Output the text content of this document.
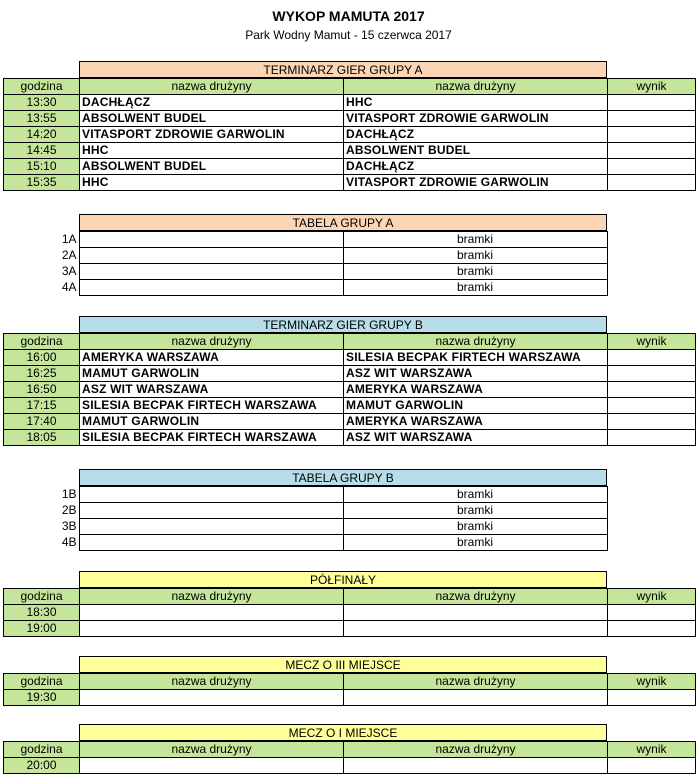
WYKOP MAMUTA 2017
Park Wodny Mamut - 15 czerwca 2017
TERMINARZ GIER GRUPY A
godzina	nazwa drużyny	nazwa drużyny	wynik
13:30	DACHŁĄCZ	HHC	
13:55	ABSOLWENT BUDEL	VITASPORT ZDROWIE GARWOLIN	
14:20	VITASPORT ZDROWIE GARWOLIN	DACHŁĄCZ	
14:45	HHC	ABSOLWENT BUDEL	
15:10	ABSOLWENT BUDEL	DACHŁĄCZ	
15:35	HHC	VITASPORT ZDROWIE GARWOLIN	
TABELA GRUPY A
1A		bramki
2A		bramki
3A		bramki
4A		bramki
TERMINARZ GIER GRUPY B
godzina	nazwa drużyny	nazwa drużyny	wynik
16:00	AMERYKA WARSZAWA	SILESIA BECPAK FIRTECH WARSZAWA	
16:25	MAMUT GARWOLIN	ASZ WIT WARSZAWA	
16:50	ASZ WIT WARSZAWA	AMERYKA WARSZAWA	
17:15	SILESIA BECPAK FIRTECH WARSZAWA	MAMUT GARWOLIN	
17:40	MAMUT GARWOLIN	AMERYKA WARSZAWA	
18:05	SILESIA BECPAK FIRTECH WARSZAWA	ASZ WIT WARSZAWA	
TABELA GRUPY B
1B		bramki
2B		bramki
3B		bramki
4B		bramki
PÓŁFINAŁY
godzina	nazwa drużyny	nazwa drużyny	wynik
18:30			
19:00			
MECZ O III MIEJSCE
godzina	nazwa drużyny	nazwa drużyny	wynik
19:30			
MECZ O I MIEJSCE
godzina	nazwa drużyny	nazwa drużyny	wynik
20:00			
